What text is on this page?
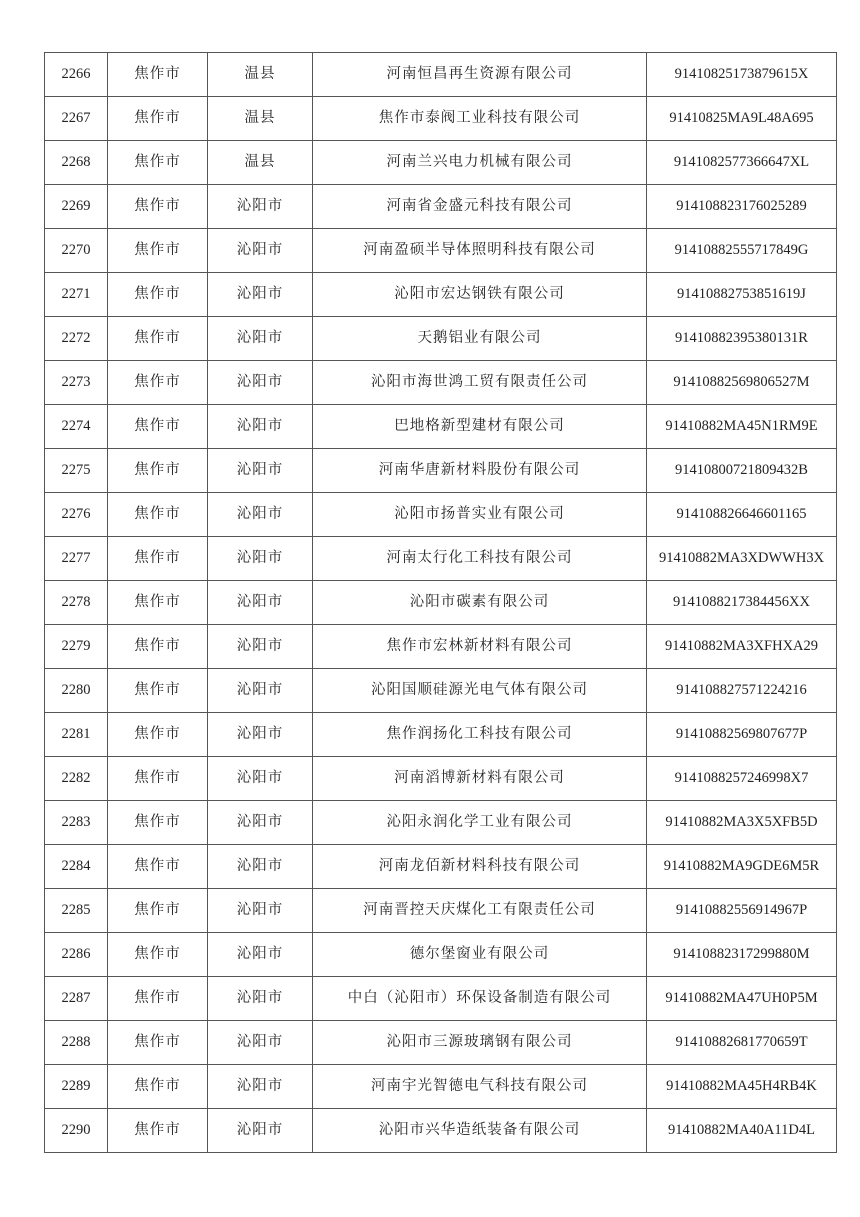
2266	焦作市	温县	河南恒昌再生资源有限公司	91410825173879615X
2267	焦作市	温县	焦作市泰阀工业科技有限公司	91410825MA9L48A695
2268	焦作市	温县	河南兰兴电力机械有限公司	9141082577366647XL
2269	焦作市	沁阳市	河南省金盛元科技有限公司	914108823176025289
2270	焦作市	沁阳市	河南盈硕半导体照明科技有限公司	91410882555717849G
2271	焦作市	沁阳市	沁阳市宏达钢铁有限公司	91410882753851619J
2272	焦作市	沁阳市	天鹅铝业有限公司	91410882395380131R
2273	焦作市	沁阳市	沁阳市海世鸿工贸有限责任公司	91410882569806527M
2274	焦作市	沁阳市	巴地格新型建材有限公司	91410882MA45N1RM9E
2275	焦作市	沁阳市	河南华唐新材料股份有限公司	91410800721809432B
2276	焦作市	沁阳市	沁阳市扬普实业有限公司	914108826646601165
2277	焦作市	沁阳市	河南太行化工科技有限公司	91410882MA3XDWWH3X
2278	焦作市	沁阳市	沁阳市碳素有限公司	9141088217384456XX
2279	焦作市	沁阳市	焦作市宏林新材料有限公司	91410882MA3XFHXA29
2280	焦作市	沁阳市	沁阳国顺硅源光电气体有限公司	914108827571224216
2281	焦作市	沁阳市	焦作润扬化工科技有限公司	91410882569807677P
2282	焦作市	沁阳市	河南滔博新材料有限公司	9141088257246998X7
2283	焦作市	沁阳市	沁阳永润化学工业有限公司	91410882MA3X5XFB5D
2284	焦作市	沁阳市	河南龙佰新材料科技有限公司	91410882MA9GDE6M5R
2285	焦作市	沁阳市	河南晋控天庆煤化工有限责任公司	91410882556914967P
2286	焦作市	沁阳市	德尔堡窗业有限公司	91410882317299880M
2287	焦作市	沁阳市	中白（沁阳市）环保设备制造有限公司	91410882MA47UH0P5M
2288	焦作市	沁阳市	沁阳市三源玻璃钢有限公司	91410882681770659T
2289	焦作市	沁阳市	河南宇光智德电气科技有限公司	91410882MA45H4RB4K
2290	焦作市	沁阳市	沁阳市兴华造纸装备有限公司	91410882MA40A11D4L
